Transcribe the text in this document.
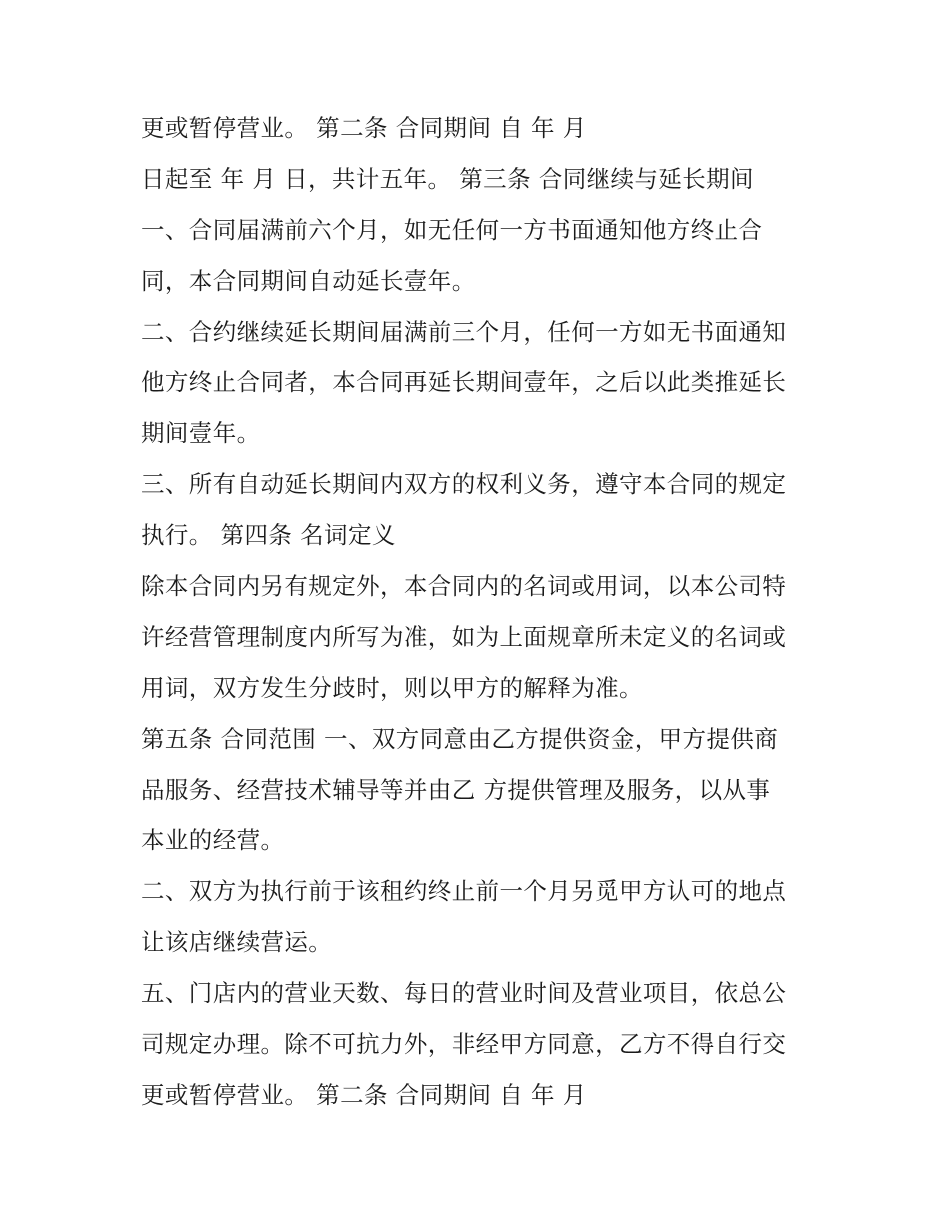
更或暂停营业。 第二条 合同期间 自 年 月
日起至 年 月 日，共计五年。 第三条 合同继续与延长期间
一、合同届满前六个月，如无任何一方书面通知他方终止合
同，本合同期间自动延长壹年。
二、合约继续延长期间届满前三个月，任何一方如无书面通知
他方终止合同者，本合同再延长期间壹年，之后以此类推延长
期间壹年。
三、所有自动延长期间内双方的权利义务，遵守本合同的规定
执行。 第四条 名词定义
除本合同内另有规定外，本合同内的名词或用词，以本公司特
许经营管理制度内所写为准，如为上面规章所未定义的名词或
用词，双方发生分歧时，则以甲方的解释为准。
第五条 合同范围 一、双方同意由乙方提供资金，甲方提供商
品服务、经营技术辅导等并由乙 方提供管理及服务，以从事
本业的经营。
二、双方为执行前于该租约终止前一个月另觅甲方认可的地点
让该店继续营运。
五、门店内的营业天数、每日的营业时间及营业项目，依总公
司规定办理。除不可抗力外，非经甲方同意，乙方不得自行交
更或暂停营业。 第二条 合同期间 自 年 月
